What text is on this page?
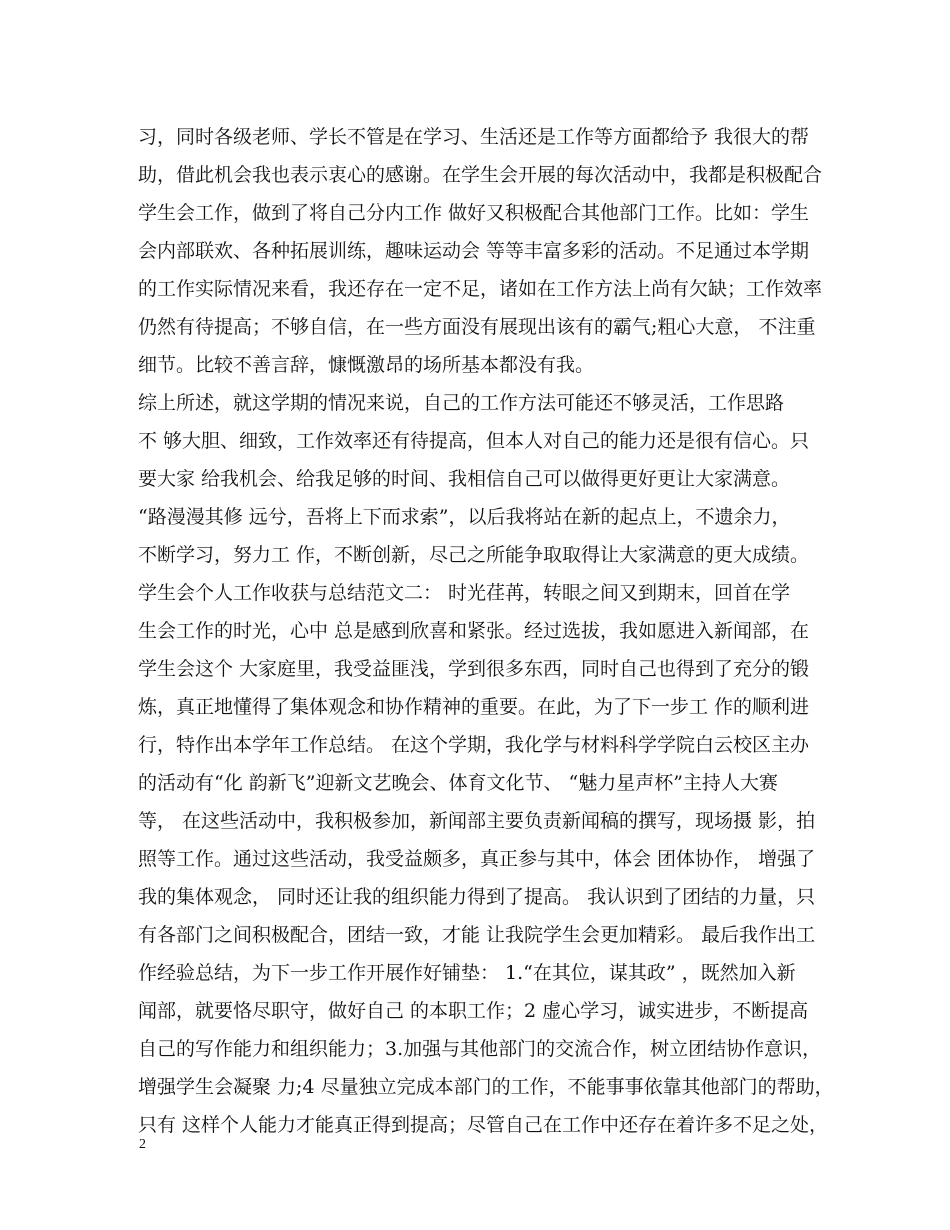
习，同时各级老师、学长不管是在学习、生活还是工作等方面都给予 我很大的帮
助，借此机会我也表示衷心的感谢。在学生会开展的每次活动中，我都是积极配合
学生会工作，做到了将自己分内工作 做好又积极配合其他部门工作。比如：学生
会内部联欢、各种拓展训练，趣味运动会 等等丰富多彩的活动。不足通过本学期
的工作实际情况来看，我还存在一定不足，诸如在工作方法上尚有欠缺；工作效率
仍然有待提高；不够自信，在一些方面没有展现出该有的霸气;粗心大意， 不注重
细节。比较不善言辞，慷慨激昂的场所基本都没有我。
综上所述，就这学期的情况来说，自己的工作方法可能还不够灵活，工作思路
不 够大胆、细致，工作效率还有待提高，但本人对自己的能力还是很有信心。只
要大家 给我机会、给我足够的时间、我相信自己可以做得更好更让大家满意。
“路漫漫其修 远兮，吾将上下而求索”，以后我将站在新的起点上，不遗余力，
不断学习，努力工 作，不断创新，尽己之所能争取取得让大家满意的更大成绩。
学生会个人工作收获与总结范文二： 时光荏苒，转眼之间又到期末，回首在学
生会工作的时光，心中 总是感到欣喜和紧张。经过选拔，我如愿进入新闻部，在
学生会这个 大家庭里，我受益匪浅，学到很多东西，同时自己也得到了充分的锻
炼，真正地懂得了集体观念和协作精神的重要。在此，为了下一步工 作的顺利进
行，特作出本学年工作总结。 在这个学期，我化学与材料科学学院白云校区主办
的活动有“化 韵新飞”迎新文艺晚会、体育文化节、 “魅力星声杯”主持人大赛
等， 在这些活动中，我积极参加，新闻部主要负责新闻稿的撰写，现场摄 影，拍
照等工作。通过这些活动，我受益颇多，真正参与其中，体会 团体协作， 增强了
我的集体观念， 同时还让我的组织能力得到了提高。 我认识到了团结的力量，只
有各部门之间积极配合，团结一致，才能 让我院学生会更加精彩。 最后我作出工
作经验总结，为下一步工作开展作好铺垫： 1.“在其位，谋其政” ，既然加入新
闻部，就要恪尽职守，做好自己 的本职工作；2 虚心学习，诚实进步，不断提高
自己的写作能力和组织能力；3.加强与其他部门的交流合作，树立团结协作意识，
增强学生会凝聚 力;4 尽量独立完成本部门的工作，不能事事依靠其他部门的帮助，
只有 这样个人能力才能真正得到提高；尽管自己在工作中还存在着许多不足之处，
2
